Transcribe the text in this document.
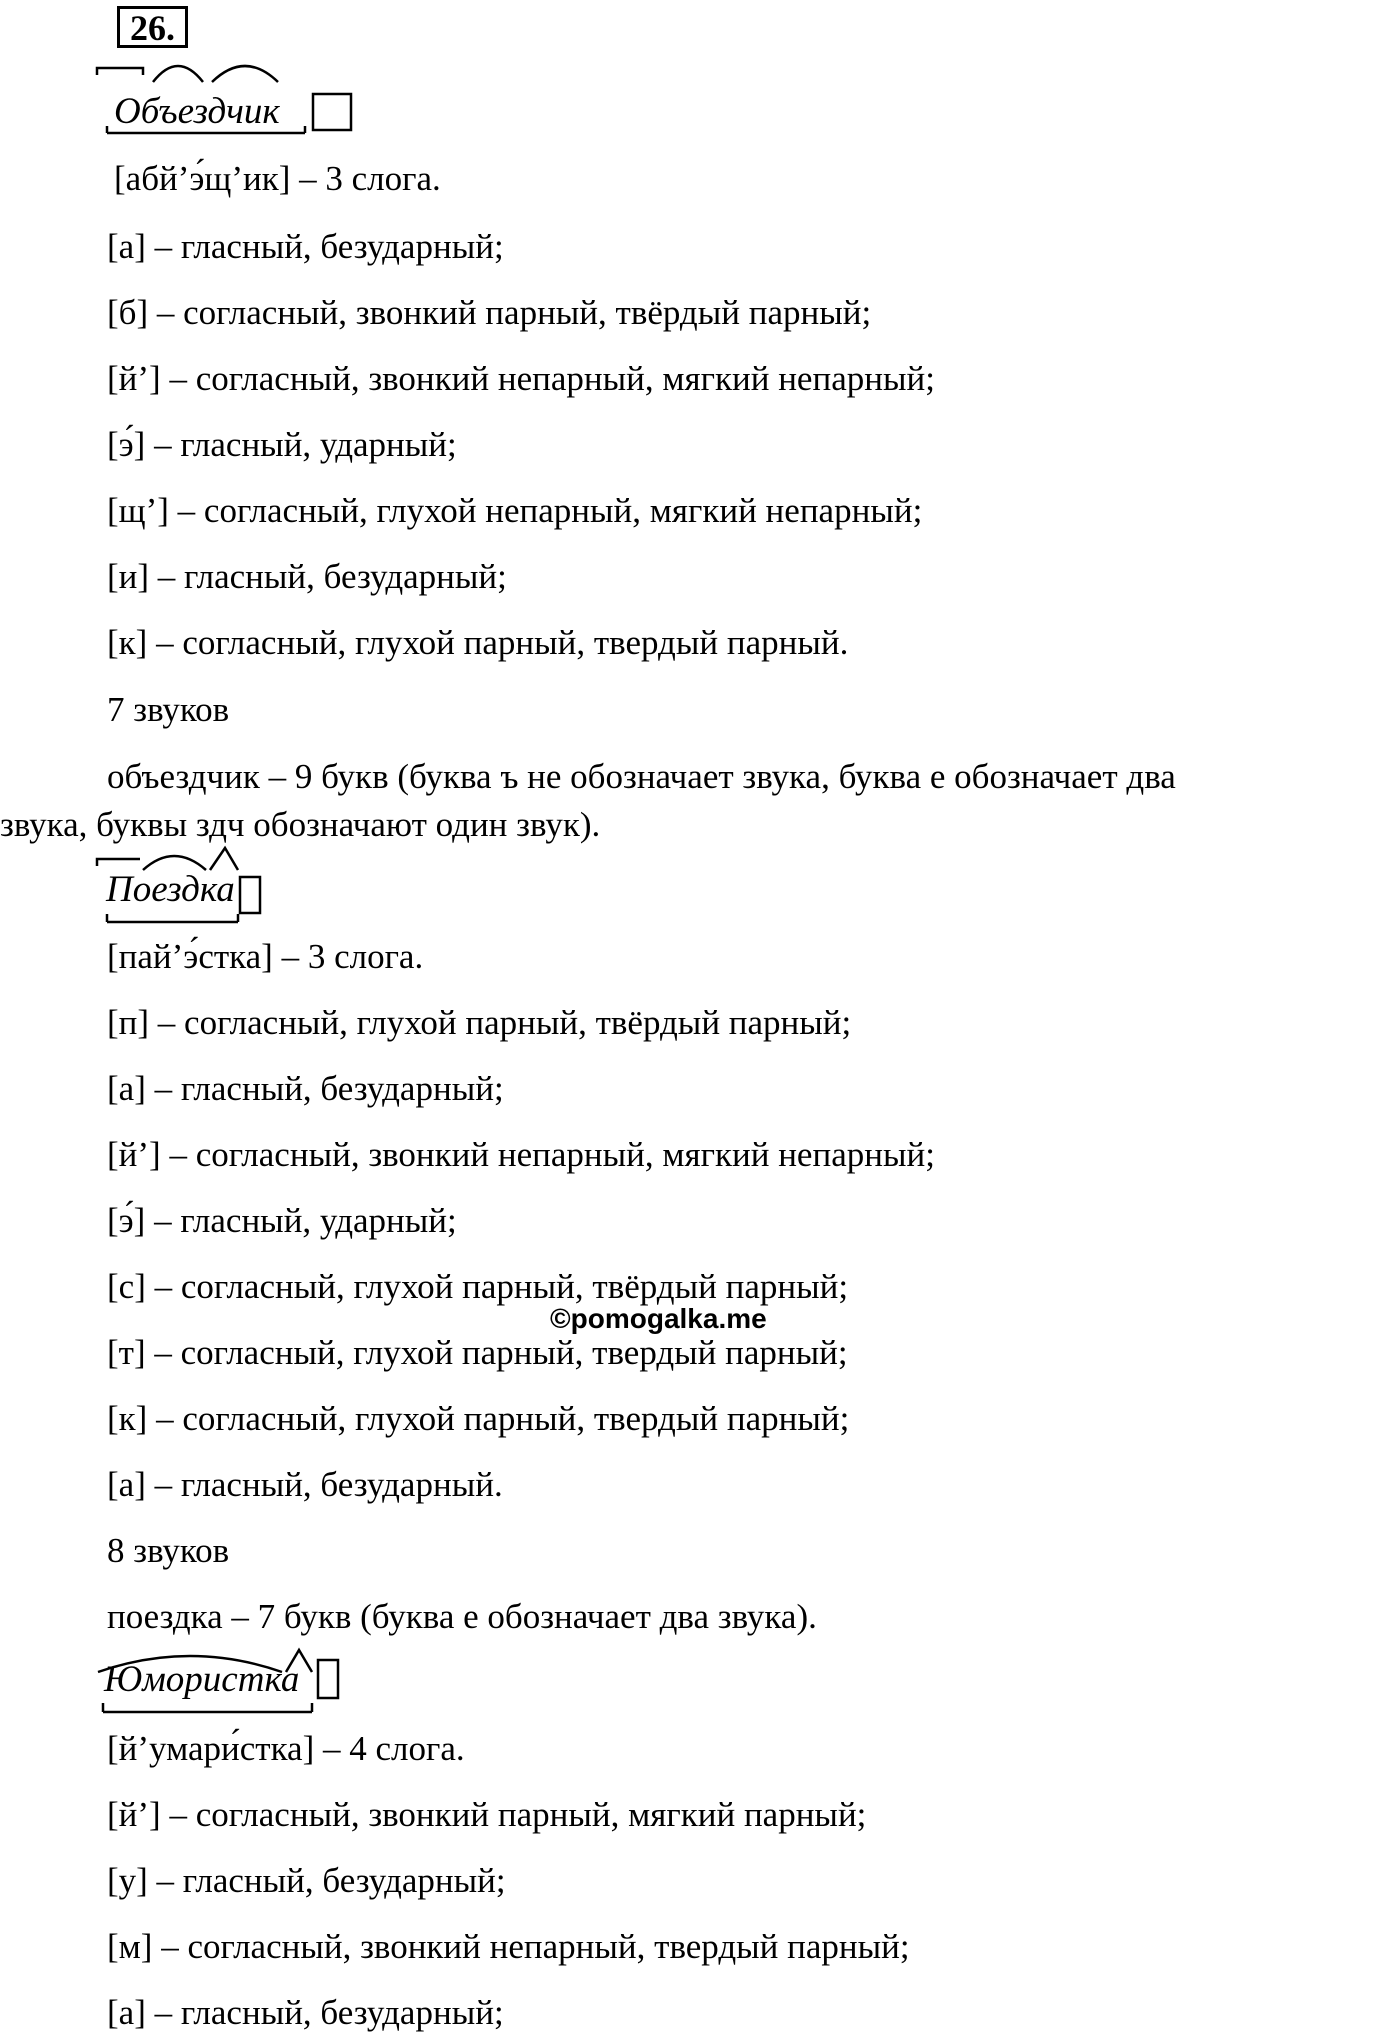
26.
Объездчик

[абй’э́щ’ик] – 3 слога.

[а] – гласный, безударный;

[б] – согласный, звонкий парный, твёрдый парный;

[й’] – согласный, звонкий непарный, мягкий непарный;

[э́] – гласный, ударный;

[щ’] – согласный, глухой непарный, мягкий непарный;

[и] – гласный, безударный;

[к] – согласный, глухой парный, твердый парный.

7 звуков

объездчик – 9 букв (буква ъ не обозначает звука, буква е обозначает два

звука, буквы здч обозначают один звук).

Поездка

[пай’э́стка] – 3 слога.

[п] – согласный, глухой парный, твёрдый парный;

[а] – гласный, безударный;

[й’] – согласный, звонкий непарный, мягкий непарный;

[э́] – гласный, ударный;

[с] – согласный, глухой парный, твёрдый парный;

[т] – согласный, глухой парный, твердый парный;

[к] – согласный, глухой парный, твердый парный;

[а] – гласный, безударный.

8 звуков

поездка – 7 букв (буква е обозначает два звука).

Юмористка

[й’умари́стка] – 4 слога.

[й’] – согласный, звонкий парный, мягкий парный;

[у] – гласный, безударный;

[м] – согласный, звонкий непарный, твердый парный;

[а] – гласный, безударный;

©pomogalka.me
